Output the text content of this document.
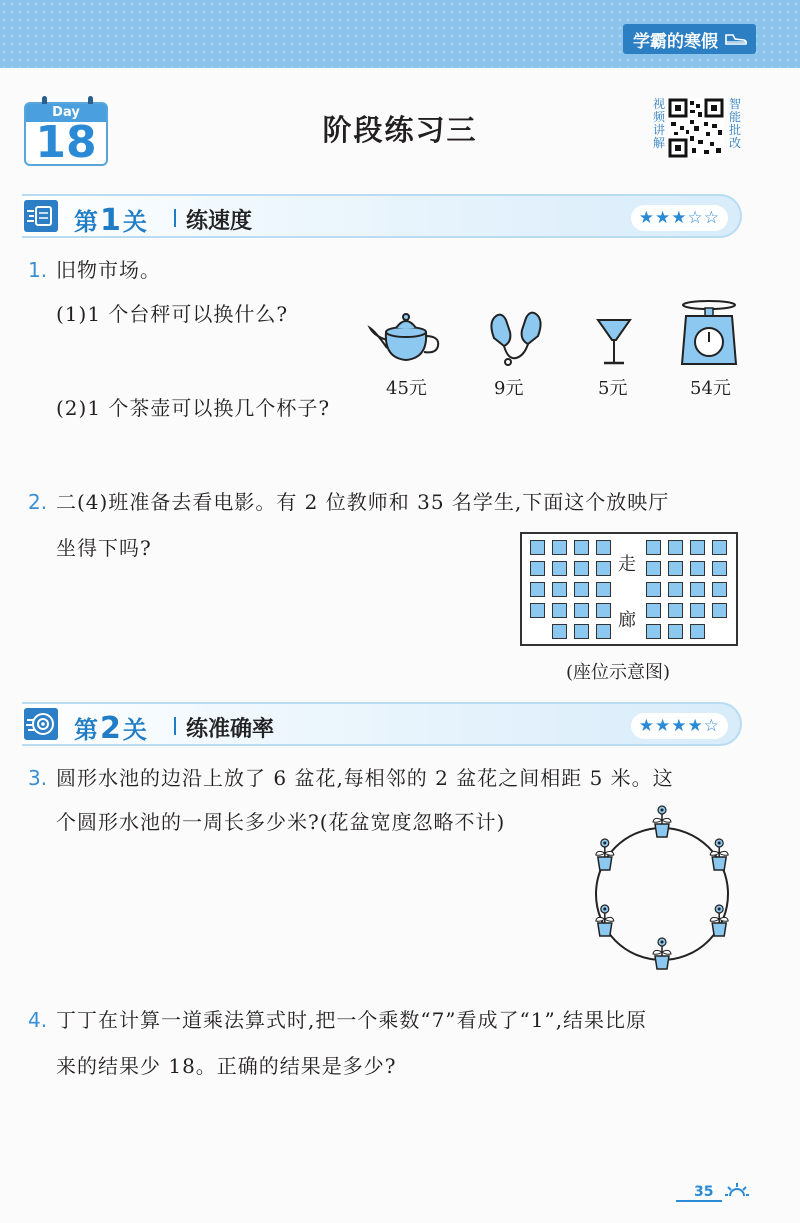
学霸的寒假
Day
18	阶段练习三
视频讲解
智能批改
第 1 关 练速度	★★★☆☆
1. 旧物市场。
(1)1 个台秤可以换什么?
(2)1 个茶壶可以换几个杯子?
45元	9元	5元	54元
2. 二(4)班准备去看电影。有 2 位教师和 35 名学生,下面这个放映厅
坐得下吗?
走
廊
(座位示意图)
第 2 关 练准确率	★★★★☆
3. 圆形水池的边沿上放了 6 盆花,每相邻的 2 盆花之间相距 5 米。这
个圆形水池的一周长多少米?(花盆宽度忽略不计)
4. 丁丁在计算一道乘法算式时,把一个乘数“7”看成了“1”,结果比原
来的结果少 18。正确的结果是多少?
35
